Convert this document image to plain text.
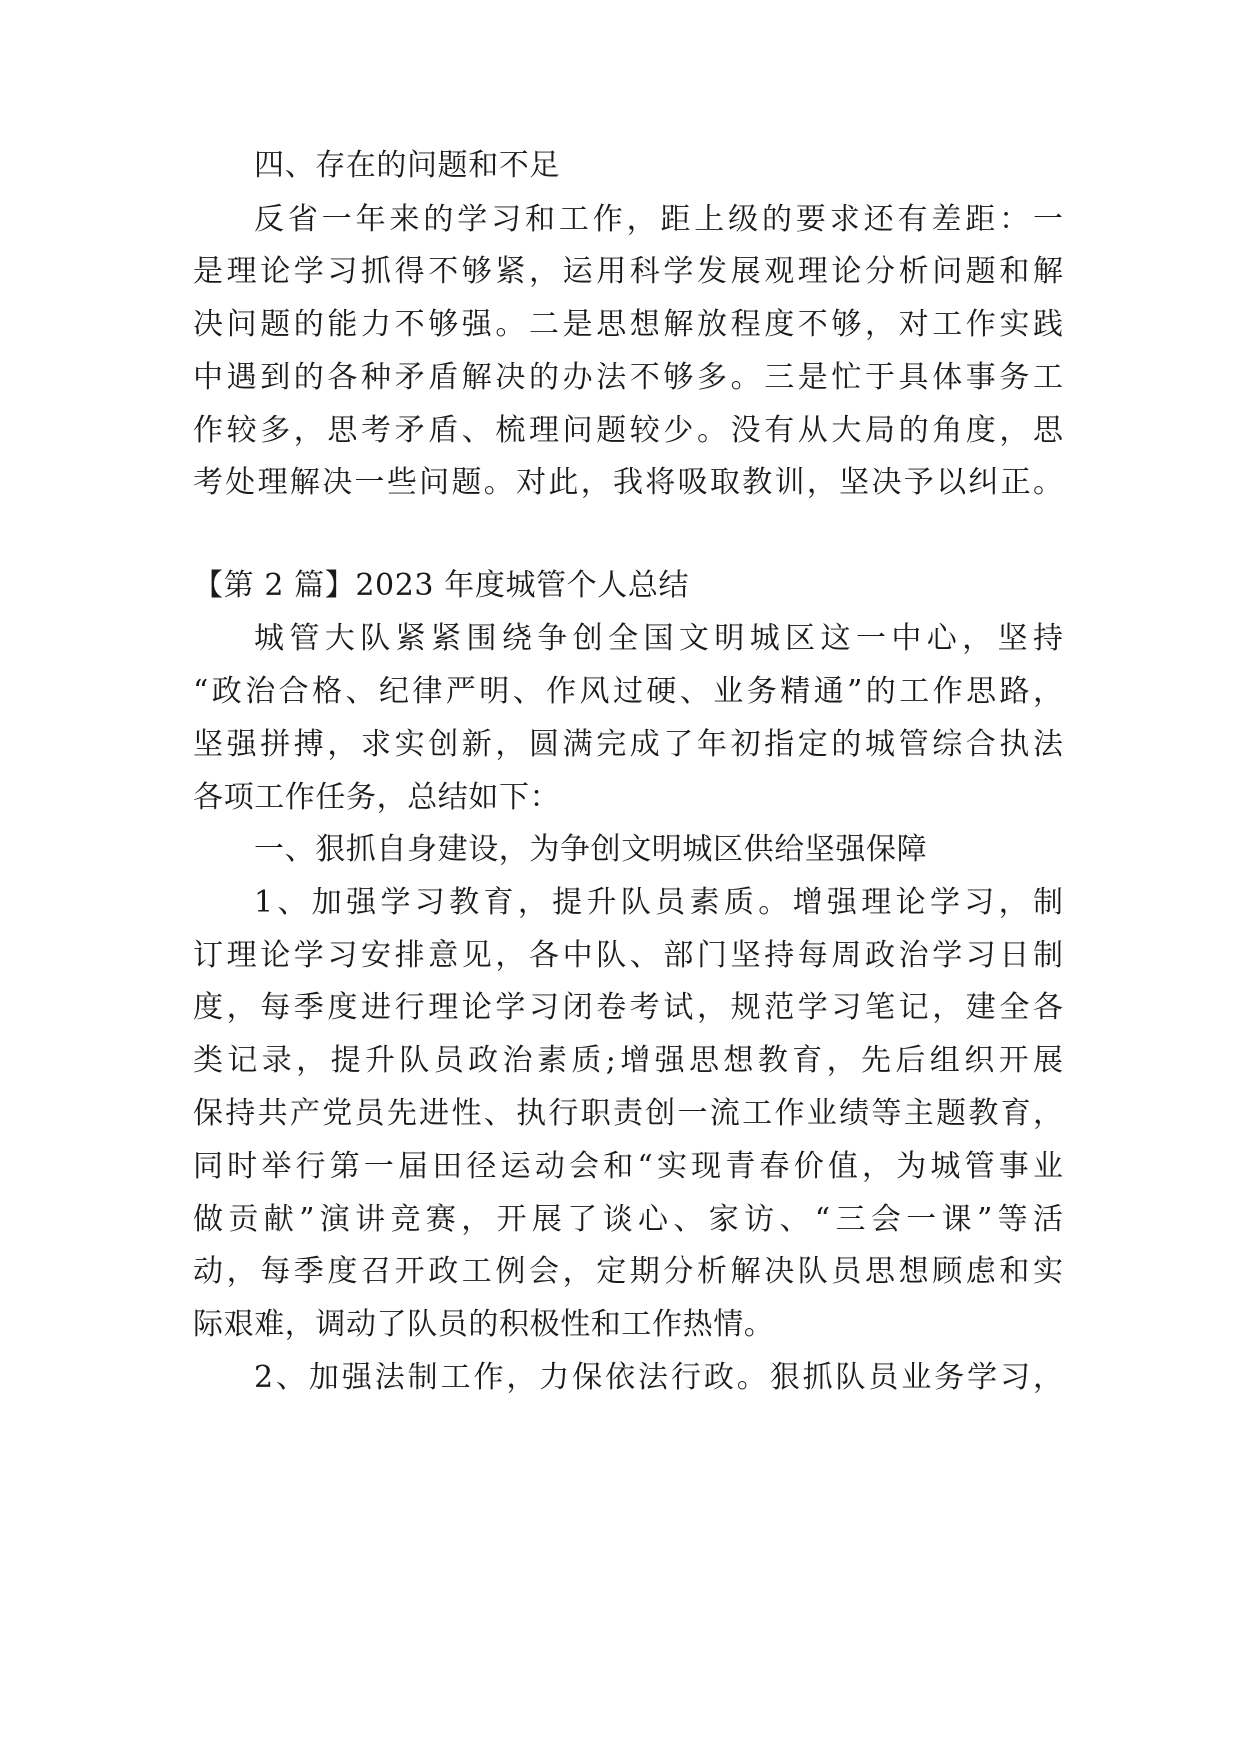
四、存在的问题和不足
反省一年来的学习和工作，距上级的要求还有差距：一
是理论学习抓得不够紧，运用科学发展观理论分析问题和解
决问题的能力不够强。二是思想解放程度不够，对工作实践
中遇到的各种矛盾解决的办法不够多。三是忙于具体事务工
作较多，思考矛盾、梳理问题较少。没有从大局的角度，思
考处理解决一些问题。对此，我将吸取教训，坚决予以纠正。
【第 2 篇】2023 年度城管个人总结
城管大队紧紧围绕争创全国文明城区这一中心，坚持
“政治合格、纪律严明、作风过硬、业务精通”的工作思路，
坚强拼搏，求实创新，圆满完成了年初指定的城管综合执法
各项工作任务，总结如下：
一、狠抓自身建设，为争创文明城区供给坚强保障
1、加强学习教育，提升队员素质。增强理论学习，制
订理论学习安排意见，各中队、部门坚持每周政治学习日制
度，每季度进行理论学习闭卷考试，规范学习笔记，建全各
类记录，提升队员政治素质;增强思想教育，先后组织开展
保持共产党员先进性、执行职责创一流工作业绩等主题教育，
同时举行第一届田径运动会和“实现青春价值，为城管事业
做贡献”演讲竞赛，开展了谈心、家访、“三会一课”等活
动，每季度召开政工例会，定期分析解决队员思想顾虑和实
际艰难，调动了队员的积极性和工作热情。
2、加强法制工作，力保依法行政。狠抓队员业务学习，
